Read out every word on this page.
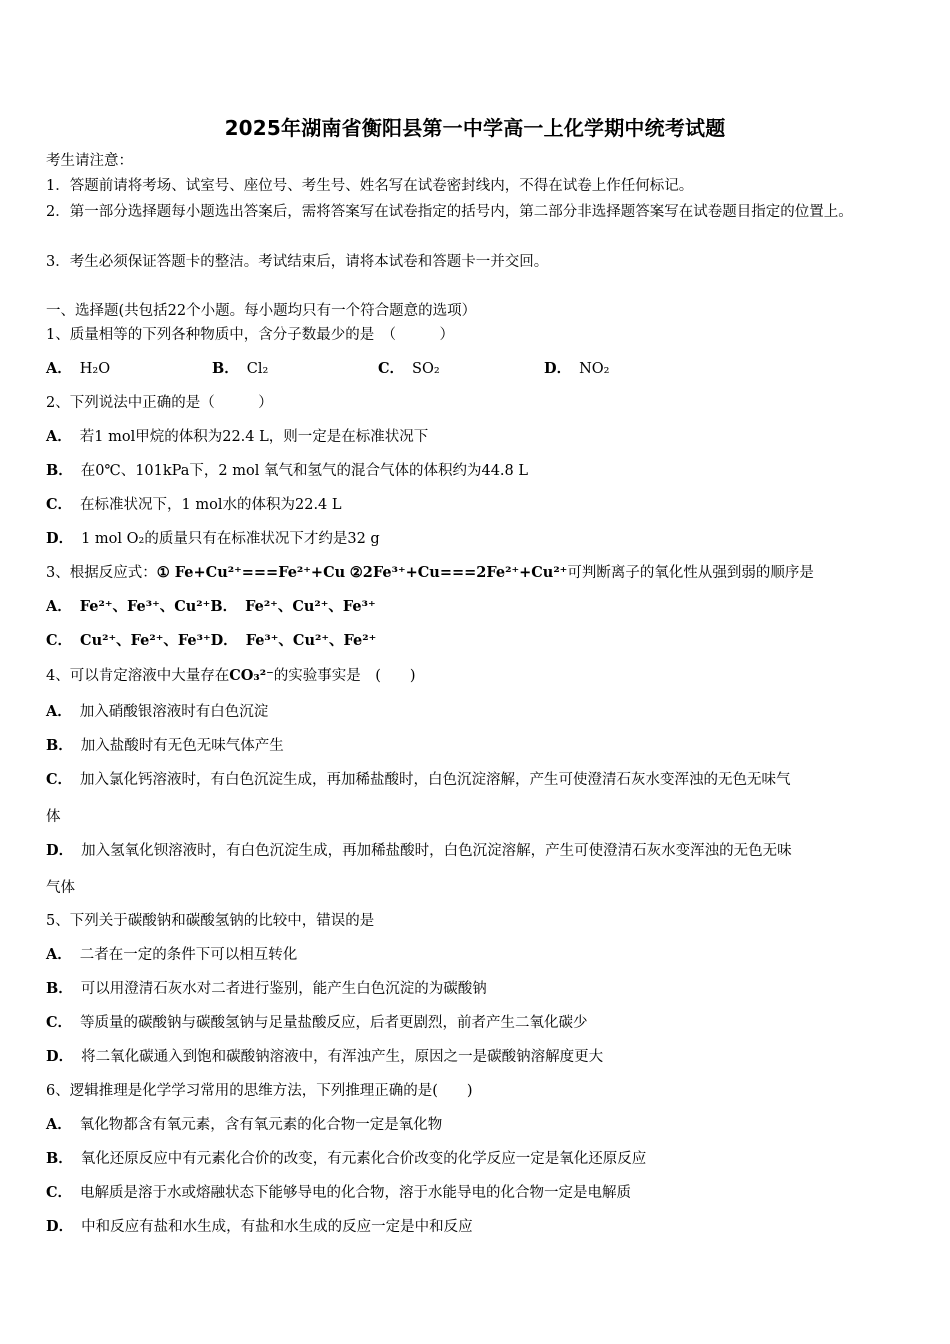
2025年湖南省衡阳县第一中学高一上化学期中统考试题
考生请注意：
1．答题前请将考场、试室号、座位号、考生号、姓名写在试卷密封线内，不得在试卷上作任何标记。
2．第一部分选择题每小题选出答案后，需将答案写在试卷指定的括号内，第二部分非选择题答案写在试卷题目指定的位置上。
3．考生必须保证答题卡的整洁。考试结束后，请将本试卷和答题卡一并交回。
一、选择题(共包括22个小题。每小题均只有一个符合题意的选项）
1、质量相等的下列各种物质中，含分子数最少的是　（　　　）
A． H₂O	B． Cl₂	C． SO₂	D． NO₂
2、下列说法中正确的是（　　　）
A． 若1 mol甲烷的体积为22.4 L，则一定是在标准状况下
B． 在0℃、101kPa下，2 mol 氧气和氢气的混合气体的体积约为44.8 L
C． 在标准状况下，1 mol水的体积为22.4 L
D． 1 mol O₂的质量只有在标准状况下才约是32 g
3、根据反应式：① Fe+Cu²⁺===Fe²⁺+Cu ②2Fe³⁺+Cu===2Fe²⁺+Cu²⁺可判断离子的氧化性从强到弱的顺序是
A． Fe²⁺、Fe³⁺、Cu²⁺B． Fe²⁺、Cu²⁺、Fe³⁺
C． Cu²⁺、Fe²⁺、Fe³⁺D． Fe³⁺、Cu²⁺、Fe²⁺
4、可以肯定溶液中大量存在CO₃²⁻的实验事实是　(　　)
A． 加入硝酸银溶液时有白色沉淀
B． 加入盐酸时有无色无味气体产生
C． 加入氯化钙溶液时，有白色沉淀生成，再加稀盐酸时，白色沉淀溶解，产生可使澄清石灰水变浑浊的无色无味气
体
D． 加入氢氧化钡溶液时，有白色沉淀生成，再加稀盐酸时，白色沉淀溶解，产生可使澄清石灰水变浑浊的无色无味
气体
5、下列关于碳酸钠和碳酸氢钠的比较中，错误的是
A． 二者在一定的条件下可以相互转化
B． 可以用澄清石灰水对二者进行鉴别，能产生白色沉淀的为碳酸钠
C． 等质量的碳酸钠与碳酸氢钠与足量盐酸反应，后者更剧烈，前者产生二氧化碳少
D． 将二氧化碳通入到饱和碳酸钠溶液中，有浑浊产生，原因之一是碳酸钠溶解度更大
6、逻辑推理是化学学习常用的思维方法，下列推理正确的是(　　)
A． 氧化物都含有氧元素，含有氧元素的化合物一定是氧化物
B． 氧化还原反应中有元素化合价的改变，有元素化合价改变的化学反应一定是氧化还原反应
C． 电解质是溶于水或熔融状态下能够导电的化合物，溶于水能导电的化合物一定是电解质
D． 中和反应有盐和水生成，有盐和水生成的反应一定是中和反应
